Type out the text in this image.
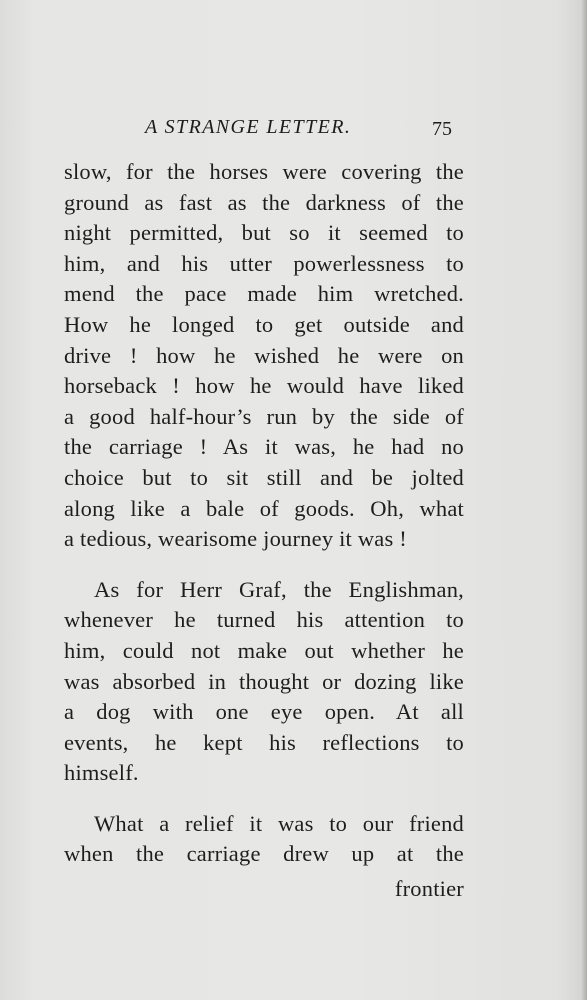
A STRANGE LETTER.	75
slow, for the horses were covering the
ground as fast as the darkness of the
night permitted, but so it seemed to
him, and his utter powerlessness to
mend the pace made him wretched.
How he longed to get outside and
drive ! how he wished he were on
horseback ! how he would have liked
a good half-hour’s run by the side of
the carriage ! As it was, he had no
choice but to sit still and be jolted
along like a bale of goods. Oh, what
a tedious, wearisome journey it was !
As for Herr Graf, the Englishman,
whenever he turned his attention to
him, could not make out whether he
was absorbed in thought or dozing like
a dog with one eye open. At all
events, he kept his reflections to
himself.
What a relief it was to our friend
when the carriage drew up at the
frontier
